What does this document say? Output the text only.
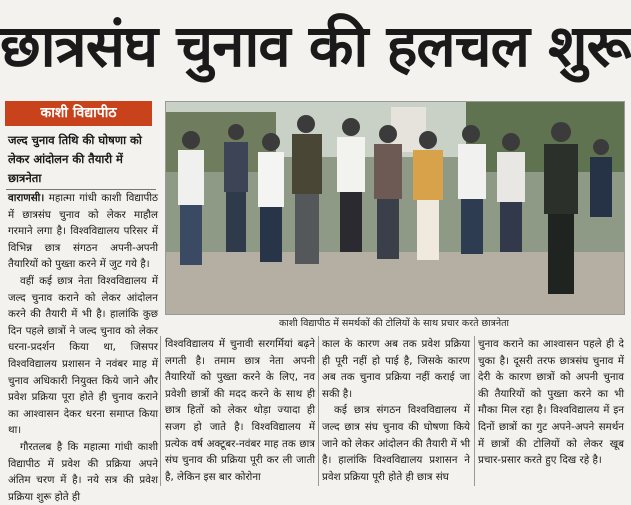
छात्रसंघ चुनाव की हलचल शुरू
काशी विद्यापीठ
जल्द चुनाव तिथि की घोषणा को लेकर आंदोलन की तैयारी में छात्रनेता
काशी विद्यापीठ में समर्थकों की टोलियों के साथ प्रचार करते छात्रनेता

वाराणसी। महात्मा गांधी काशी विद्यापीठ में छात्रसंघ चुनाव को लेकर माहौल गरमाने लगा है। विश्वविद्यालय परिसर में विभिन्न छात्र संगठन अपनी-अपनी तैयारियों को पुख्ता करने में जुट गये है।

वहीं कई छात्र नेता विश्वविद्यालय में जल्द चुनाव कराने को लेकर आंदोलन करने की तैयारी में भी है। हालांकि कुछ दिन पहले छात्रों ने जल्द चुनाव को लेकर धरना-प्रदर्शन किया था, जिसपर विश्वविद्यालय प्रशासन ने नवंबर माह में चुनाव अधिकारी नियुक्त किये जाने और प्रवेश प्रक्रिया पूरा होते ही चुनाव कराने का आश्वासन देकर धरना समाप्त किया था।

गौरतलब है कि महात्मा गांधी काशी विद्यापीठ में प्रवेश की प्रक्रिया अपने अंतिम चरण में है। नये सत्र की प्रवेश प्रक्रिया शुरू होते ही

विश्वविद्यालय में चुनावी सरगर्मियां बढ़ने लगती है। तमाम छात्र नेता अपनी तैयारियों को पुख्ता करने के लिए, नव प्रवेशी छात्रों की मदद करने के साथ ही छात्र हितों को लेकर थोड़ा ज्यादा ही सजग हो जाते है। विश्वविद्यालय में प्रत्येक वर्ष अक्टूबर-नवंबर माह तक छात्र संघ चुनाव की प्रक्रिया पूरी कर ली जाती है, लेकिन इस बार कोरोना

काल के कारण अब तक प्रवेश प्रक्रिया ही पूरी नहीं हो पाई है, जिसके कारण अब तक चुनाव प्रक्रिया नहीं कराई जा सकी है।

कई छात्र संगठन विश्वविद्यालय में जल्द छात्र संघ चुनाव की घोषणा किये जाने को लेकर आंदोलन की तैयारी में भी है। हालांकि विश्वविद्यालय प्रशासन ने प्रवेश प्रक्रिया पूरी होते ही छात्र संघ

चुनाव कराने का आश्वासन पहले ही दे चुका है। दूसरी तरफ छात्रसंघ चुनाव में देरी के कारण छात्रों को अपनी चुनाव की तैयारियों को पुख्ता करने का भी मौका मिल रहा है। विश्वविद्यालय में इन दिनों छात्रों का गुट अपने-अपने समर्थन में छात्रों की टोलियों को लेकर खूब प्रचार-प्रसार करते हुए दिख रहे है।
